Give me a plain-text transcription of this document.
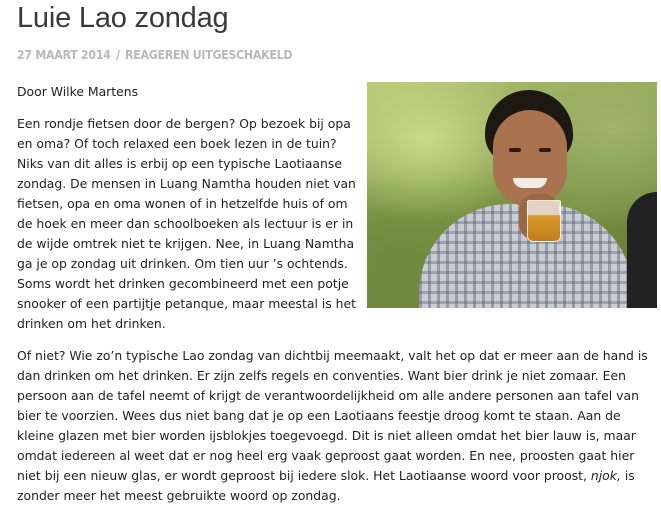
Luie Lao zondag
27 MAART 2014 / REAGEREN UITGESCHAKELD

Door Wilke Martens

Een rondje fietsen door de bergen? Op bezoek bij opa en oma? Of toch relaxed een boek lezen in de tuin? Niks van dit alles is erbij op een typische Laotiaanse zondag. De mensen in Luang Namtha houden niet van fietsen, opa en oma wonen of in hetzelfde huis of om de hoek en meer dan schoolboeken als lectuur is er in de wijde omtrek niet te krijgen. Nee, in Luang Namtha ga je op zondag uit drinken. Om tien uur ’s ochtends. Soms wordt het drinken gecombineerd met een potje snooker of een partijtje petanque, maar meestal is het drinken om het drinken.

Of niet? Wie zo’n typische Lao zondag van dichtbij meemaakt, valt het op dat er meer aan de hand is dan drinken om het drinken. Er zijn zelfs regels en conventies. Want bier drink je niet zomaar. Een persoon aan de tafel neemt of krijgt de verantwoordelijkheid om alle andere personen aan tafel van bier te voorzien. Wees dus niet bang dat je op een Laotiaans feestje droog komt te staan. Aan de kleine glazen met bier worden ijsblokjes toegevoegd. Dit is niet alleen omdat het bier lauw is, maar omdat iedereen al weet dat er nog heel erg vaak geproost gaat worden. En nee, proosten gaat hier niet bij een nieuw glas, er wordt geproost bij iedere slok. Het Laotiaanse woord voor proost, njok, is zonder meer het meest gebruikte woord op zondag.
